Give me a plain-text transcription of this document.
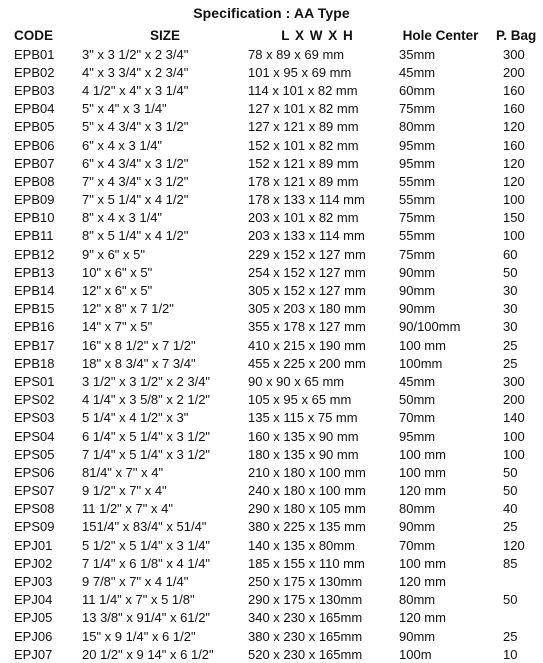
Specification : AA Type
CODE	SIZE	L X W X H	Hole Center	P. Bag
EPB01	3" x 3 1/2" x 2 3/4"	78 x 89 x 69 mm	35mm	300
EPB02	4" x 3 3/4" x 2 3/4"	101 x 95 x 69 mm	45mm	200
EPB03	4 1/2" x 4" x 3 1/4"	114 x 101 x 82 mm	60mm	160
EPB04	5" x 4" x 3 1/4"	127 x 101 x 82 mm	75mm	160
EPB05	5" x 4 3/4" x 3 1/2"	127 x 121 x 89 mm	80mm	120
EPB06	6" x 4 x 3 1/4"	152 x 101 x 82 mm	95mm	160
EPB07	6" x 4 3/4" x 3 1/2"	152 x 121 x 89 mm	95mm	120
EPB08	7" x 4 3/4" x 3 1/2"	178 x 121 x 89 mm	55mm	120
EPB09	7" x 5 1/4" x 4 1/2"	178 x 133 x 114 mm	55mm	100
EPB10	8" x 4 x 3 1/4"	203 x 101 x 82 mm	75mm	150
EPB11	8" x 5 1/4" x 4 1/2"	203 x 133 x 114 mm	55mm	100
EPB12	9" x 6" x 5"	229 x 152 x 127 mm	75mm	60
EPB13	10" x 6" x 5"	254 x 152 x 127 mm	90mm	50
EPB14	12" x 6" x 5"	305 x 152 x 127 mm	90mm	30
EPB15	12" x 8" x 7 1/2"	305 x 203 x 180 mm	90mm	30
EPB16	14" x 7" x 5"	355 x 178 x 127 mm	90/100mm	30
EPB17	16" x 8 1/2" x 7 1/2"	410 x 215 x 190 mm	100 mm	25
EPB18	18" x 8 3/4" x 7 3/4"	455 x 225 x 200 mm	100mm	25
EPS01	3 1/2" x 3 1/2" x 2 3/4"	90 x 90 x 65 mm	45mm	300
EPS02	4 1/4" x 3 5/8" x 2 1/2"	105 x 95 x 65 mm	50mm	200
EPS03	5 1/4" x 4 1/2" x 3"	135 x 115 x 75 mm	70mm	140
EPS04	6 1/4" x 5 1/4" x 3 1/2"	160 x 135 x 90 mm	95mm	100
EPS05	7 1/4" x 5 1/4" x 3 1/2"	180 x 135 x 90 mm	100 mm	100
EPS06	81/4" x 7" x 4"	210 x 180 x 100 mm	100 mm	50
EPS07	9 1/2" x 7" x 4"	240 x 180 x 100 mm	120 mm	50
EPS08	11 1/2" x 7" x 4"	290 x 180 x 105 mm	80mm	40
EPS09	151/4" x 83/4" x 51/4"	380 x 225 x 135 mm	90mm	25
EPJ01	5 1/2" x 5 1/4" x 3 1/4"	140 x 135 x 80mm	70mm	120
EPJ02	7 1/4" x 6 1/8" x 4 1/4"	185 x 155 x 110 mm	100 mm	85
EPJ03	9 7/8" x 7" x 4 1/4"	250 x 175 x 130mm	120 mm	
EPJ04	11 1/4" x 7" x 5 1/8"	290 x 175 x 130mm	80mm	50
EPJ05	13 3/8" x 91/4" x 61/2"	340 x 230 x 165mm	120 mm	
EPJ06	15" x 9 1/4" x 6 1/2"	380 x 230 x 165mm	90mm	25
EPJ07	20 1/2" x 9 14" x 6 1/2"	520 x 230 x 165mm	100m	10
